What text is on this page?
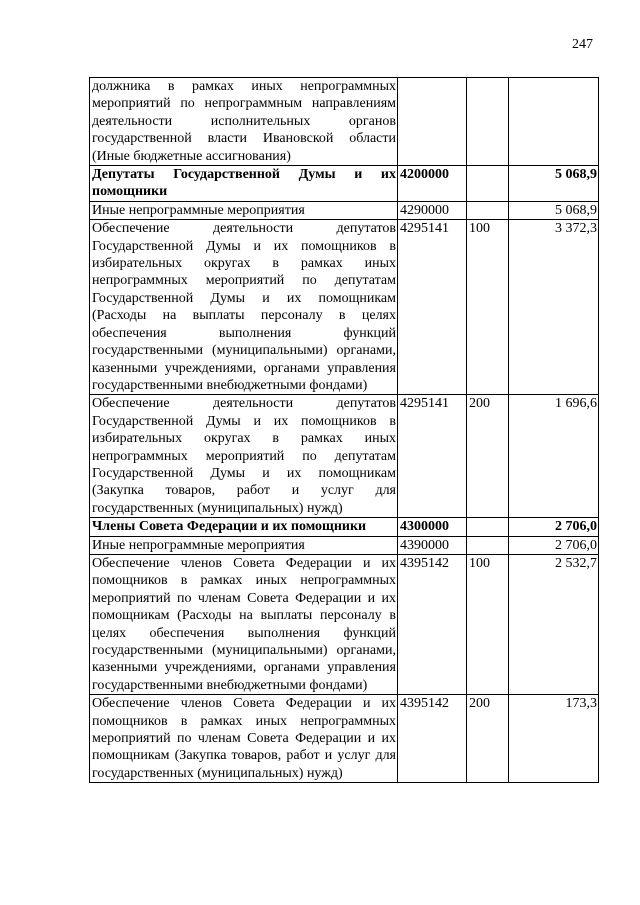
247
должника в рамках иных непрограммных мероприятий по непрограммным направлениям деятельности исполнительных органов государственной власти Ивановской области (Иные бюджетные ассигнования)			
Депутаты Государственной Думы и их помощники	4200000		5 068,9
Иные непрограммные мероприятия	4290000		5 068,9
Обеспечение деятельности депутатов Государственной Думы и их помощников в избирательных округах в рамках иных непрограммных мероприятий по депутатам Государственной Думы и их помощникам (Расходы на выплаты персоналу в целях обеспечения выполнения функций государственными (муниципальными) органами, казенными учреждениями, органами управления государственными внебюджетными фондами)	4295141	100	3 372,3
Обеспечение деятельности депутатов Государственной Думы и их помощников в избирательных округах в рамках иных непрограммных мероприятий по депутатам Государственной Думы и их помощникам (Закупка товаров, работ и услуг для государственных (муниципальных) нужд)	4295141	200	1 696,6
Члены Совета Федерации и их помощники	4300000		2 706,0
Иные непрограммные мероприятия	4390000		2 706,0
Обеспечение членов Совета Федерации и их помощников в рамках иных непрограммных мероприятий по членам Совета Федерации и их помощникам (Расходы на выплаты персоналу в целях обеспечения выполнения функций государственными (муниципальными) органами, казенными учреждениями, органами управления государственными внебюджетными фондами)	4395142	100	2 532,7
Обеспечение членов Совета Федерации и их помощников в рамках иных непрограммных мероприятий по членам Совета Федерации и их помощникам (Закупка товаров, работ и услуг для государственных (муниципальных) нужд)	4395142	200	173,3
